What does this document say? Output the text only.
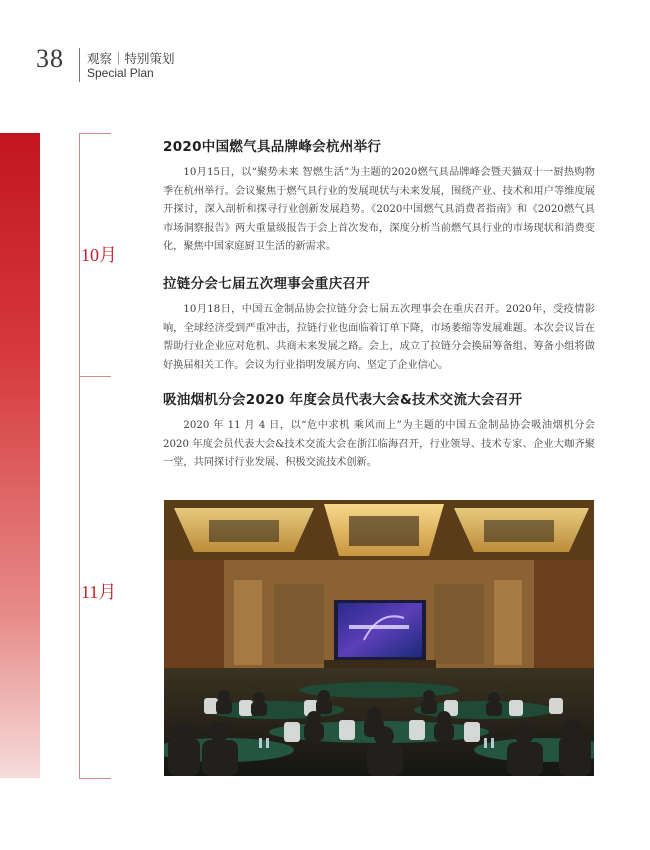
38 观察｜特别策划
Special Plan
10月
11月
2020中国燃气具品牌峰会杭州举行

10月15日，以“聚势未来 智燃生活”为主题的2020燃气具品牌峰会暨天猫双十一厨热购物季在杭州举行。会议聚焦于燃气具行业的发展现状与未来发展，围绕产业、技术和用户等维度展开探讨，深入剖析和探寻行业创新发展趋势。《2020中国燃气具消费者指南》和《2020燃气具市场洞察报告》两大重量级报告于会上首次发布，深度分析当前燃气具行业的市场现状和消费变化，聚焦中国家庭厨卫生活的新需求。

拉链分会七届五次理事会重庆召开

10月18日，中国五金制品协会拉链分会七届五次理事会在重庆召开。2020年，受疫情影响，全球经济受到严重冲击，拉链行业也面临着订单下降，市场萎缩等发展难题。本次会议旨在帮助行业企业应对危机、共商未来发展之路。会上，成立了拉链分会换届筹备组、筹备小组将做好换届相关工作。会议为行业指明发展方向、坚定了企业信心。

吸油烟机分会2020 年度会员代表大会&技术交流大会召开

2020 年 11 月 4 日，以“危中求机 乘风而上”为主题的中国五金制品协会吸油烟机分会2020 年度会员代表大会&技术交流大会在浙江临海召开，行业领导、技术专家、企业大咖齐聚一堂，共同探讨行业发展、积极交流技术创新。
